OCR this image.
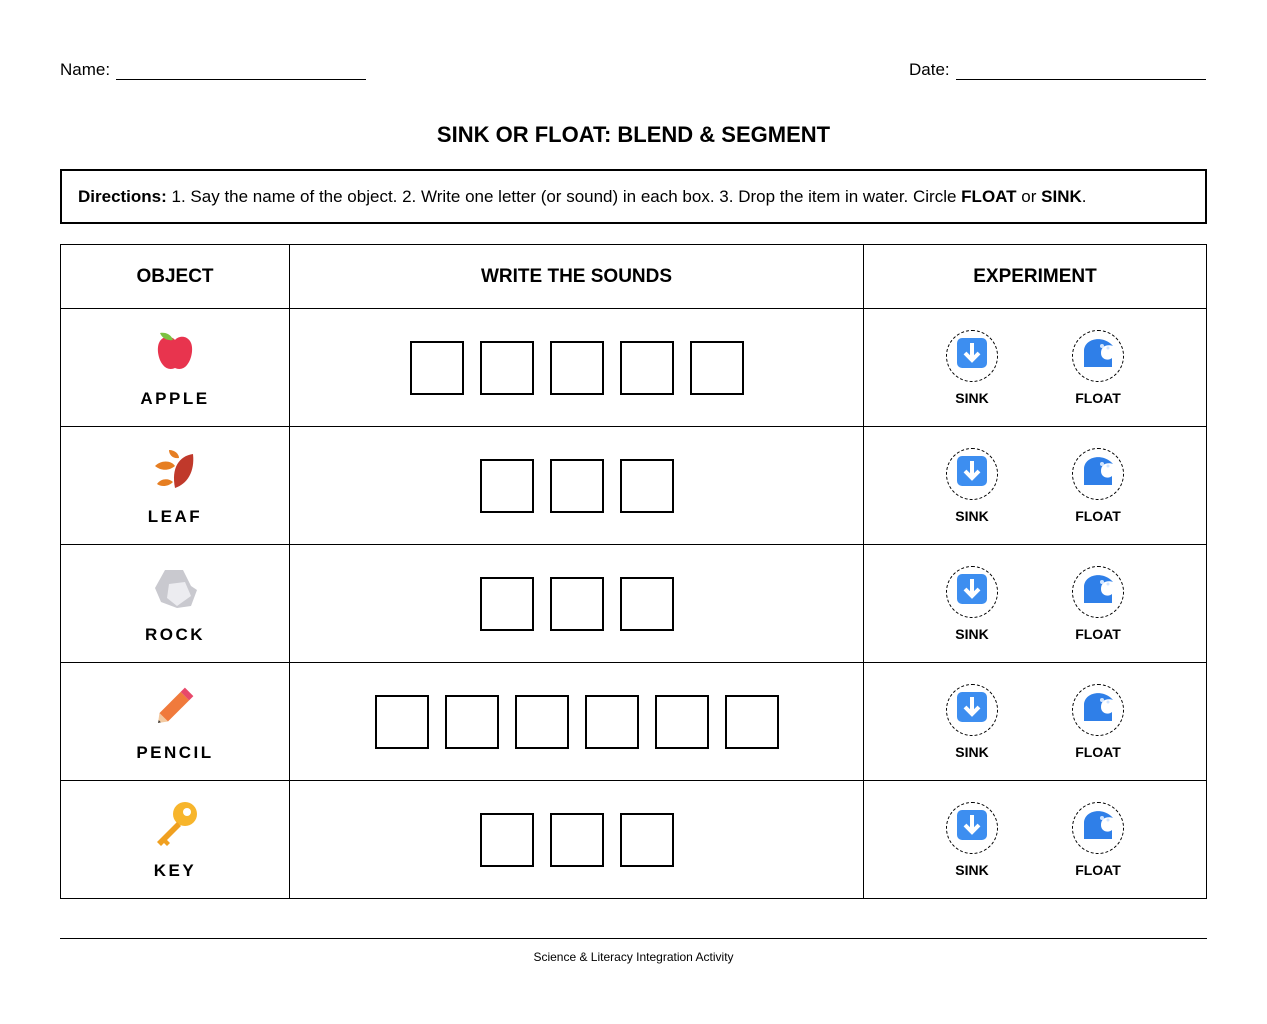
Name:	Date:
SINK OR FLOAT: BLEND & SEGMENT
Directions: 1. Say the name of the object. 2. Write one letter (or sound) in each box. 3. Drop the item in water. Circle FLOAT or SINK.
OBJECT	WRITE THE SOUNDS	EXPERIMENT

APPLE		SINK FLOAT

LEAF		SINK FLOAT

ROCK		SINK FLOAT

PENCIL		SINK FLOAT

KEY		SINK FLOAT
Science & Literacy Integration Activity
